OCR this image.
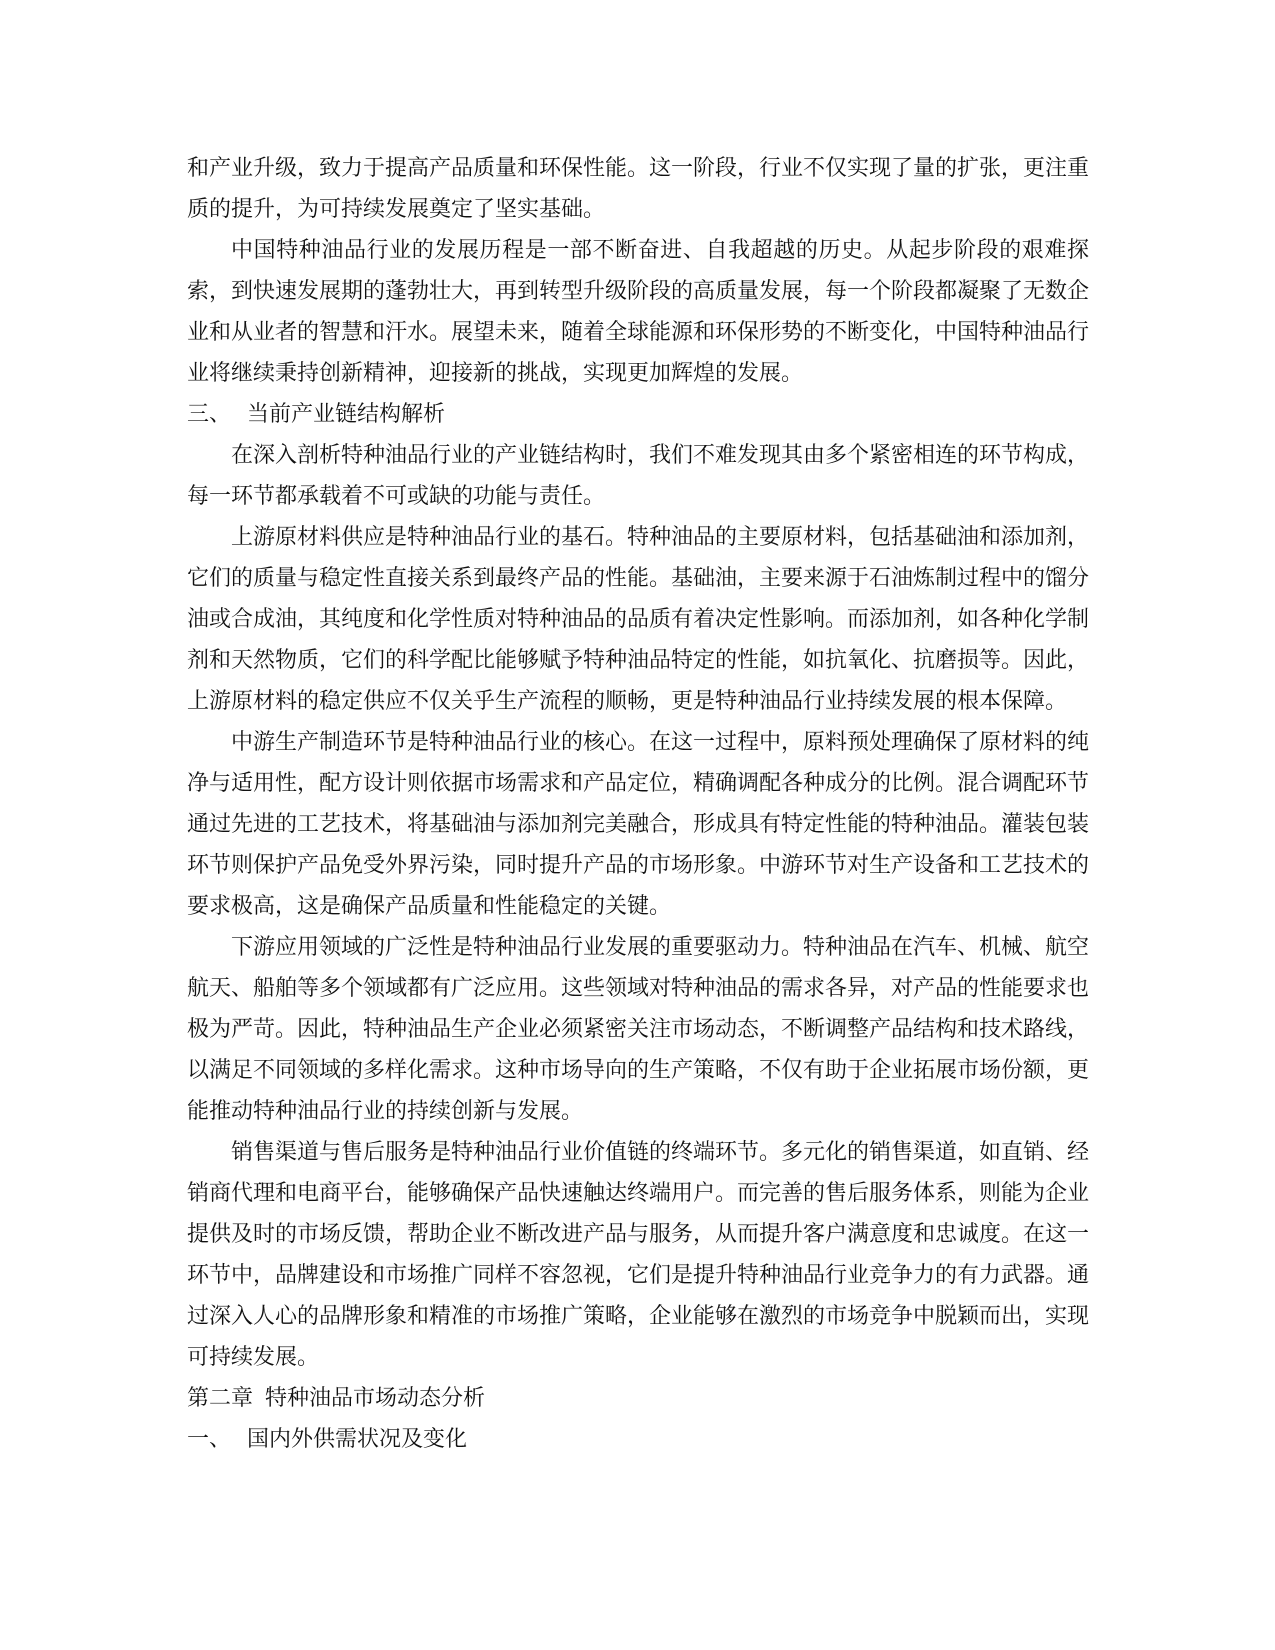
和产业升级，致力于提高产品质量和环保性能。这一阶段，行业不仅实现了量的扩张，更注重质的提升，为可持续发展奠定了坚实基础。

中国特种油品行业的发展历程是一部不断奋进、自我超越的历史。从起步阶段的艰难探索，到快速发展期的蓬勃壮大，再到转型升级阶段的高质量发展，每一个阶段都凝聚了无数企业和从业者的智慧和汗水。展望未来，随着全球能源和环保形势的不断变化，中国特种油品行业将继续秉持创新精神，迎接新的挑战，实现更加辉煌的发展。

三、 当前产业链结构解析

在深入剖析特种油品行业的产业链结构时，我们不难发现其由多个紧密相连的环节构成，每一环节都承载着不可或缺的功能与责任。

上游原材料供应是特种油品行业的基石。特种油品的主要原材料，包括基础油和添加剂，它们的质量与稳定性直接关系到最终产品的性能。基础油，主要来源于石油炼制过程中的馏分油或合成油，其纯度和化学性质对特种油品的品质有着决定性影响。而添加剂，如各种化学制剂和天然物质，它们的科学配比能够赋予特种油品特定的性能，如抗氧化、抗磨损等。因此，上游原材料的稳定供应不仅关乎生产流程的顺畅，更是特种油品行业持续发展的根本保障。

中游生产制造环节是特种油品行业的核心。在这一过程中，原料预处理确保了原材料的纯净与适用性，配方设计则依据市场需求和产品定位，精确调配各种成分的比例。混合调配环节通过先进的工艺技术，将基础油与添加剂完美融合，形成具有特定性能的特种油品。灌装包装环节则保护产品免受外界污染，同时提升产品的市场形象。中游环节对生产设备和工艺技术的要求极高，这是确保产品质量和性能稳定的关键。

下游应用领域的广泛性是特种油品行业发展的重要驱动力。特种油品在汽车、机械、航空航天、船舶等多个领域都有广泛应用。这些领域对特种油品的需求各异，对产品的性能要求也极为严苛。因此，特种油品生产企业必须紧密关注市场动态，不断调整产品结构和技术路线，以满足不同领域的多样化需求。这种市场导向的生产策略，不仅有助于企业拓展市场份额，更能推动特种油品行业的持续创新与发展。

销售渠道与售后服务是特种油品行业价值链的终端环节。多元化的销售渠道，如直销、经销商代理和电商平台，能够确保产品快速触达终端用户。而完善的售后服务体系，则能为企业提供及时的市场反馈，帮助企业不断改进产品与服务，从而提升客户满意度和忠诚度。在这一环节中，品牌建设和市场推广同样不容忽视，它们是提升特种油品行业竞争力的有力武器。通过深入人心的品牌形象和精准的市场推广策略，企业能够在激烈的市场竞争中脱颖而出，实现可持续发展。

第二章 特种油品市场动态分析

一、 国内外供需状况及变化
